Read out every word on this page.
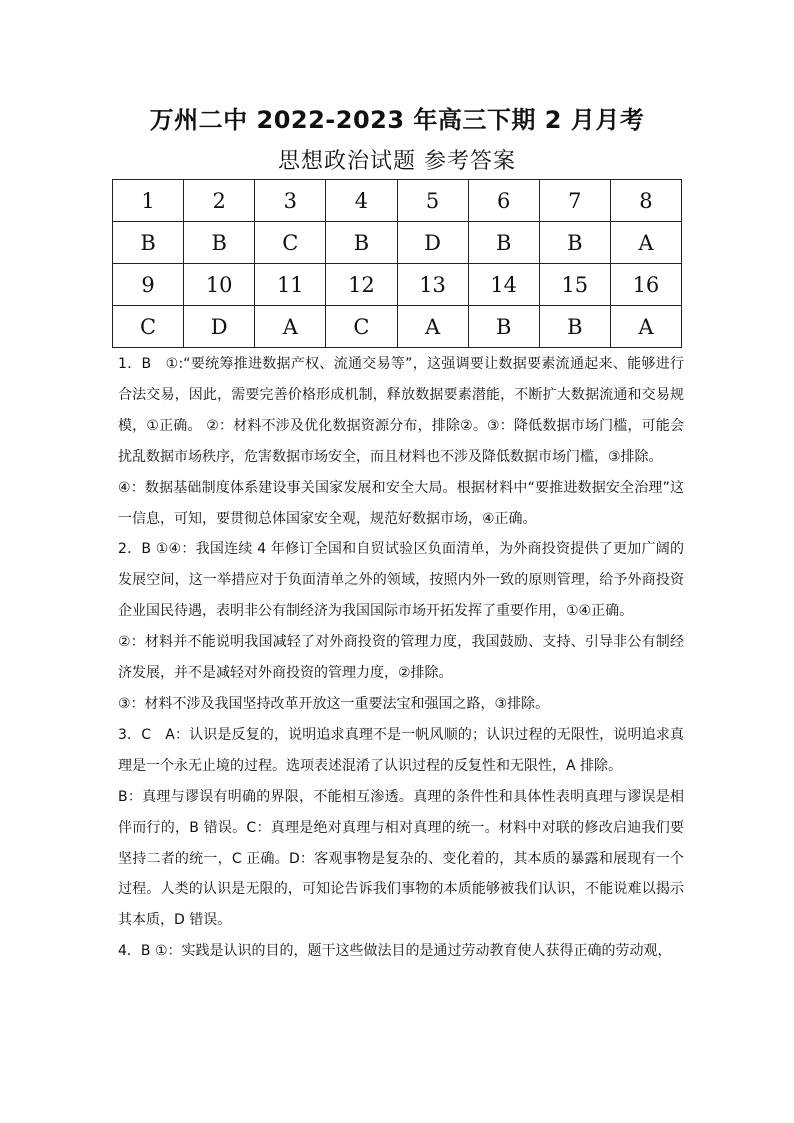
万州二中 2022-2023 年高三下期 2 月月考
思想政治试题 参考答案
1	2	3	4	5	6	7	8
B	B	C	B	D	B	B	A
9	10	11	12	13	14	15	16
C	D	A	C	A	B	B	A

1．B　①:“要统筹推进数据产权、流通交易等”，这强调要让数据要素流通起来、能够进行合法交易，因此，需要完善价格形成机制，释放数据要素潜能，不断扩大数据流通和交易规模，①正确。 ②：材料不涉及优化数据资源分布，排除②。③：降低数据市场门槛，可能会扰乱数据市场秩序，危害数据市场安全，而且材料也不涉及降低数据市场门槛，③排除。

④：数据基础制度体系建设事关国家发展和安全大局。根据材料中“要推进数据安全治理”这一信息，可知，要贯彻总体国家安全观，规范好数据市场，④正确。

2．B ①④：我国连续 4 年修订全国和自贸试验区负面清单，为外商投资提供了更加广阔的发展空间，这一举措应对于负面清单之外的领域，按照内外一致的原则管理，给予外商投资企业国民待遇，表明非公有制经济为我国国际市场开拓发挥了重要作用，①④正确。

②：材料并不能说明我国减轻了对外商投资的管理力度，我国鼓励、支持、引导非公有制经济发展，并不是减轻对外商投资的管理力度，②排除。

③：材料不涉及我国坚持改革开放这一重要法宝和强国之路，③排除。

3．C　A：认识是反复的，说明追求真理不是一帆风顺的；认识过程的无限性，说明追求真理是一个永无止境的过程。选项表述混淆了认识过程的反复性和无限性，A 排除。

B：真理与谬误有明确的界限，不能相互渗透。真理的条件性和具体性表明真理与谬误是相伴而行的，B 错误。C：真理是绝对真理与相对真理的统一。材料中对联的修改启迪我们要坚持二者的统一，C 正确。D：客观事物是复杂的、变化着的，其本质的暴露和展现有一个过程。人类的认识是无限的，可知论告诉我们事物的本质能够被我们认识，不能说难以揭示其本质，D 错误。

4．B ①：实践是认识的目的，题干这些做法目的是通过劳动教育使人获得正确的劳动观，
